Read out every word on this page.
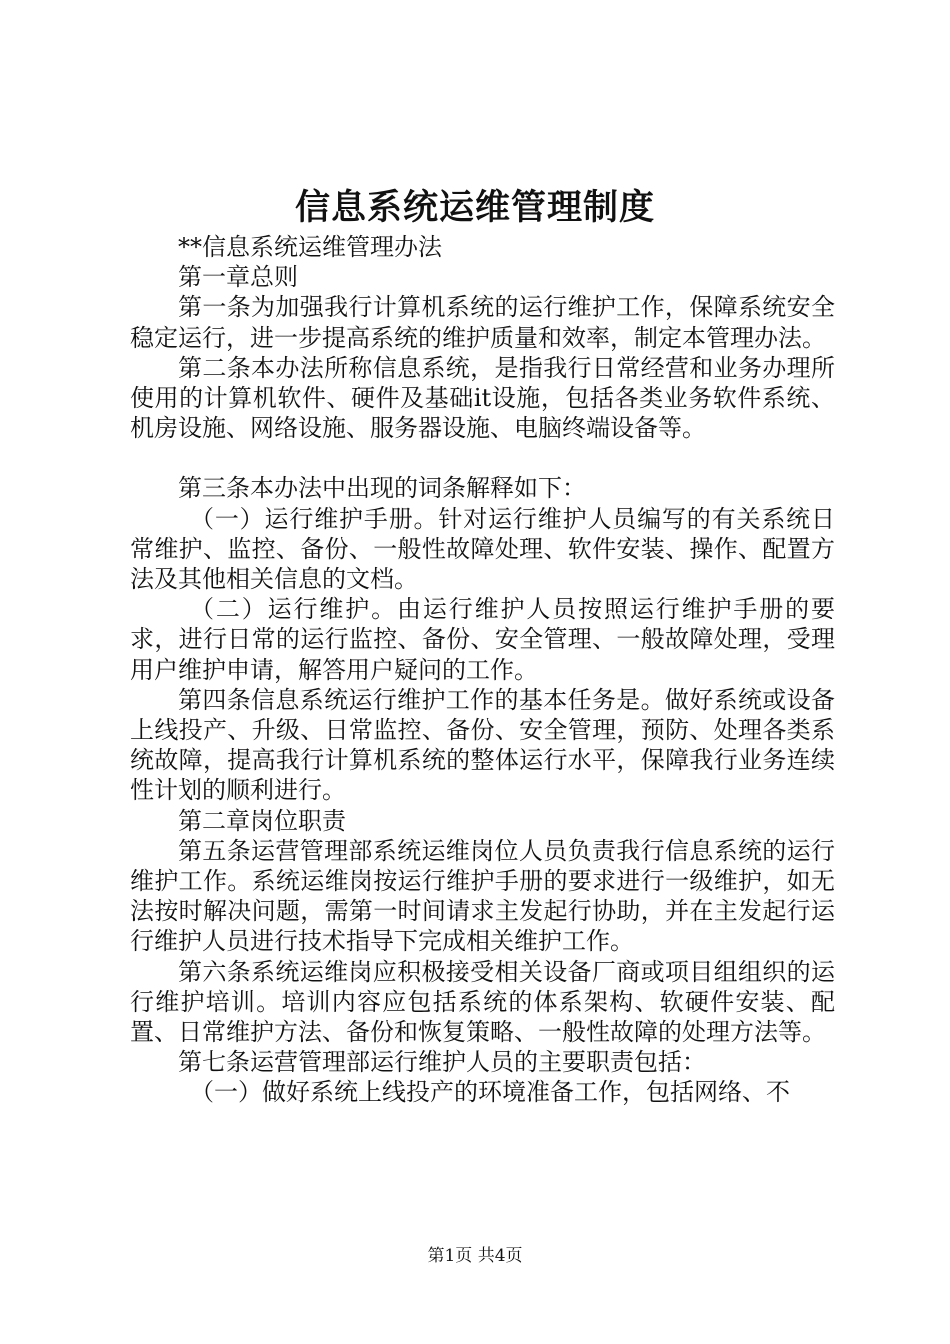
信息系统运维管理制度

**信息系统运维管理办法

第一章总则

第一条为加强我行计算机系统的运行维护工作，保障系统安全稳定运行，进一步提高系统的维护质量和效率，制定本管理办法。

第二条本办法所称信息系统，是指我行日常经营和业务办理所使用的计算机软件、硬件及基础it设施，包括各类业务软件系统、机房设施、网络设施、服务器设施、电脑终端设备等。

第三条本办法中出现的词条解释如下：

（一）运行维护手册。针对运行维护人员编写的有关系统日常维护、监控、备份、一般性故障处理、软件安装、操作、配置方法及其他相关信息的文档。

（二）运行维护。由运行维护人员按照运行维护手册的要求，进行日常的运行监控、备份、安全管理、一般故障处理，受理用户维护申请，解答用户疑问的工作。

第四条信息系统运行维护工作的基本任务是。做好系统或设备上线投产、升级、日常监控、备份、安全管理，预防、处理各类系统故障，提高我行计算机系统的整体运行水平，保障我行业务连续性计划的顺利进行。

第二章岗位职责

第五条运营管理部系统运维岗位人员负责我行信息系统的运行维护工作。系统运维岗按运行维护手册的要求进行一级维护，如无法按时解决问题，需第一时间请求主发起行协助，并在主发起行运行维护人员进行技术指导下完成相关维护工作。

第六条系统运维岗应积极接受相关设备厂商或项目组组织的运行维护培训。培训内容应包括系统的体系架构、软硬件安装、配置、日常维护方法、备份和恢复策略、一般性故障的处理方法等。

第七条运营管理部运行维护人员的主要职责包括：

（一）做好系统上线投产的环境准备工作，包括网络、不

第1页 共4页
